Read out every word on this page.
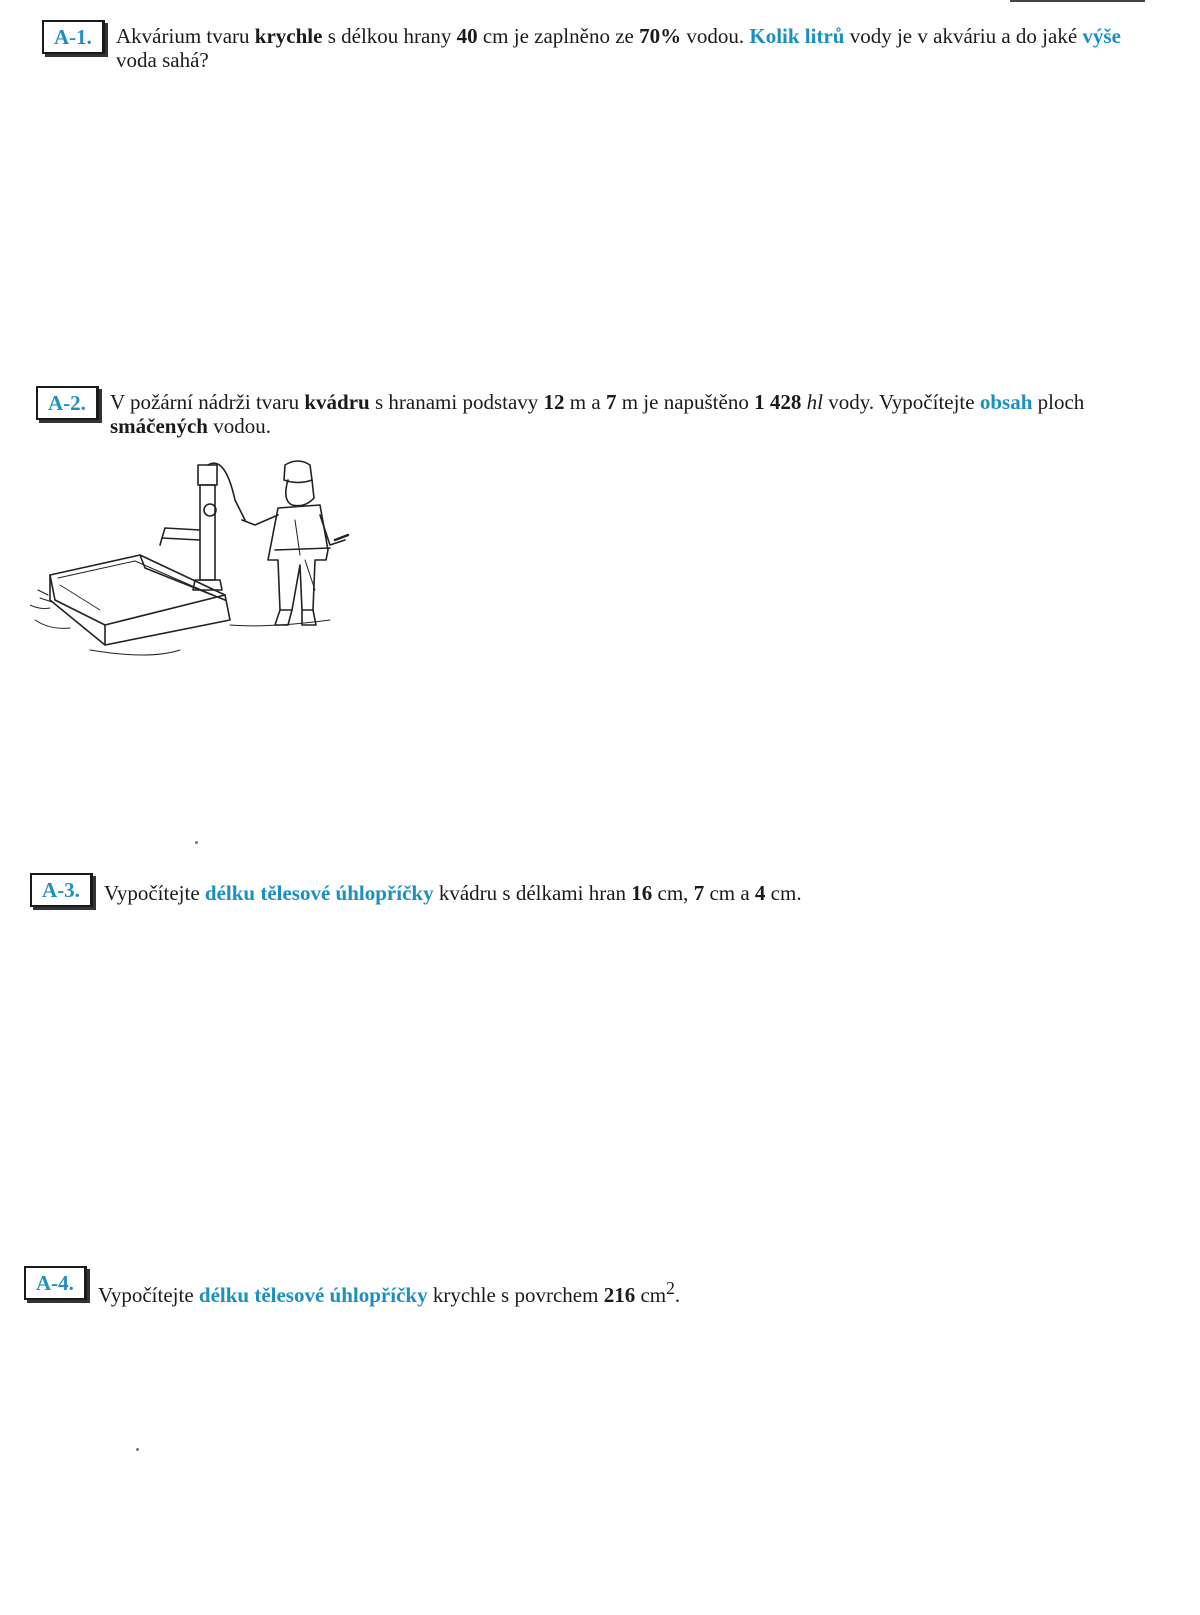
A-1.	Akvárium tvaru krychle s délkou hrany 40 cm je zaplněno ze 70% vodou. Kolik litrů vody je v akváriu a do jaké výše voda sahá?
A-2.	V požární nádrži tvaru kvádru s hranami podstavy 12 m a 7 m je napuštěno 1 428 hl vody. Vypočítejte obsah ploch smáčených vodou.
A-3.	Vypočítejte délku tělesové úhlopříčky kvádru s délkami hran 16 cm, 7 cm a 4 cm.
A-4.	Vypočítejte délku tělesové úhlopříčky krychle s povrchem 216 $cm^2$.
